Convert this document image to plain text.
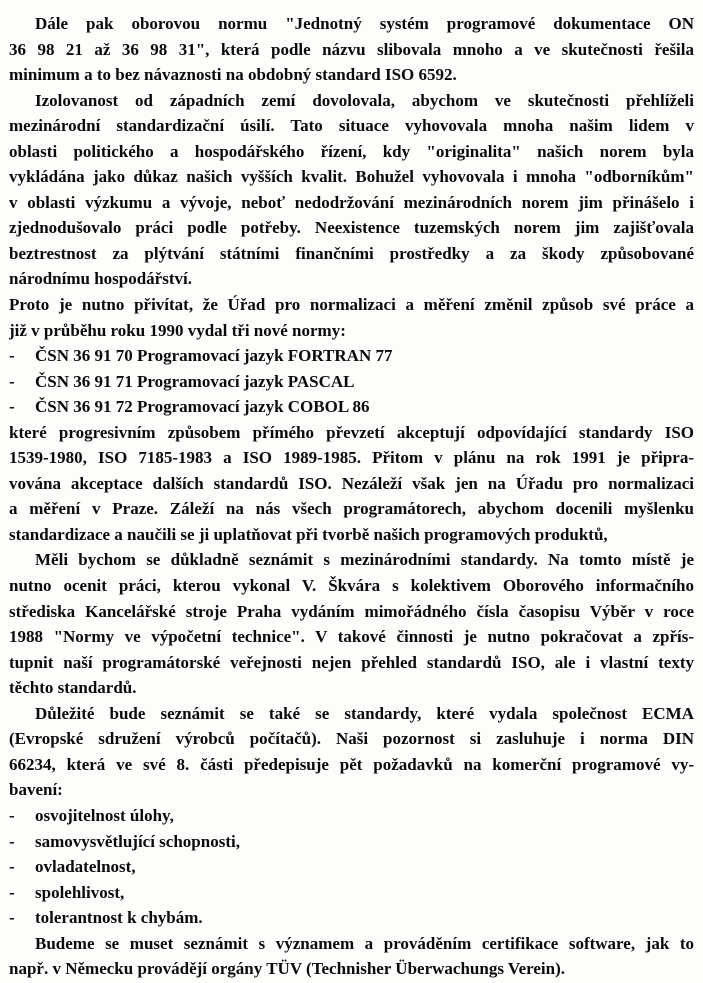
Dále pak oborovou normu "Jednotný systém programové dokumentace ON
36 98 21 až 36 98 31", která podle názvu slibovala mnoho a ve skutečnosti řešila
minimum a to bez návaznosti na obdobný standard ISO 6592.
Izolovanost od západních zemí dovolovala, abychom ve skutečnosti přehlíželi
mezinárodní standardizační úsilí. Tato situace vyhovovala mnoha našim lidem v
oblasti politického a hospodářského řízení, kdy "originalita" našich norem byla
vykládána jako důkaz našich vyšších kvalit. Bohužel vyhovovala i mnoha "odborníkům"
v oblasti výzkumu a vývoje, neboť nedodržování mezinárodních norem jim přinášelo i
zjednodušovalo práci podle potřeby. Neexistence tuzemských norem jim zajišťovala
beztrestnost za plýtvání státními finančními prostředky a za škody způsobované
národnímu hospodářství.
Proto je nutno přivítat, že Úřad pro normalizaci a měření změnil způsob své práce a
již v průběhu roku 1990 vydal tři nové normy:
- ČSN 36 91 70 Programovací jazyk FORTRAN 77
- ČSN 36 91 71 Programovací jazyk PASCAL
- ČSN 36 91 72 Programovací jazyk COBOL 86
které progresivním způsobem přímého převzetí akceptují odpovídající standardy ISO
1539-1980, ISO 7185-1983 a ISO 1989-1985. Přitom v plánu na rok 1991 je připra-
vována akceptace dalších standardů ISO. Nezáleží však jen na Úřadu pro normalizaci
a měření v Praze. Záleží na nás všech programátorech, abychom docenili myšlenku
standardizace a naučili se ji uplatňovat při tvorbě našich programových produktů,
Měli bychom se důkladně seznámit s mezinárodními standardy. Na tomto místě je
nutno ocenit práci, kterou vykonal V. Škvára s kolektivem Oborového informačního
střediska Kancelářské stroje Praha vydáním mimořádného čísla časopisu Výběr v roce
1988 "Normy ve výpočetní technice". V takové činnosti je nutno pokračovat a zpřís-
tupnit naší programátorské veřejnosti nejen přehled standardů ISO, ale i vlastní texty
těchto standardů.
Důležité bude seznámit se také se standardy, které vydala společnost ECMA
(Evropské sdružení výrobců počítačů). Naši pozornost si zasluhuje i norma DIN
66234, která ve své 8. části předepisuje pět požadavků na komerční programové vy-
bavení:
- osvojitelnost úlohy,
- samovysvětlující schopnosti,
- ovladatelnost,
- spolehlivost,
- tolerantnost k chybám.
Budeme se muset seznámit s významem a prováděním certifikace software, jak to
např. v Německu provádějí orgány TÜV (Technisher Überwachungs Verein).
